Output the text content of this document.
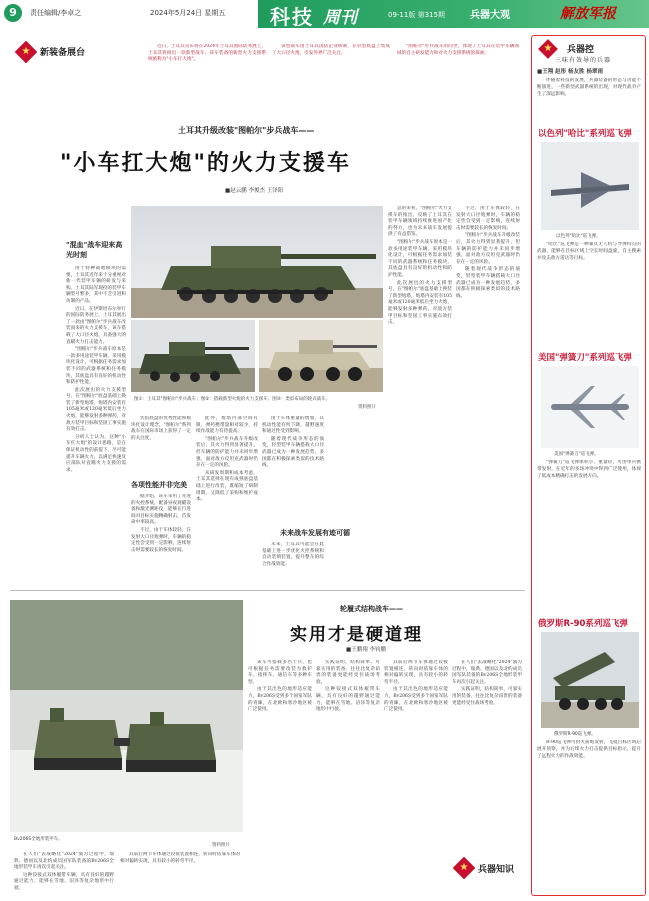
9	责任编辑/李卓之	2024年5月24日 星期五 科技 周刊	09-11版 第315期	兵器大观	解放军报
★	新装备展台

近日，土耳其宣布将在2024年土耳其国际防务展上，土耳其将推出一款新型战车，该车装备的新型火力支援系统被称为"小车扛大炮"。

该型战车由土耳其国防企业研制，在轻型底盘上集成了大口径火炮，引发外界广泛关注。

"图帕尔"步兵战车的问世，体现了土耳其在装甲车辆领域的自主研发能力和对火力支援系统的探索。

土耳其升级改装"图帕尔"步兵战车——
"小车扛大炮"的火力支援车
■赵云鹏 李俊杰 王泽阳
"混血"战车迎来高光时刻

由于特种战地模块的需要，土耳其近年来十分重视对新一代装甲车辆的研发与采购。土耳其陆军现役的装甲车辆型号繁多，其中不乏引进和仿制的产品。

近日，在伊斯坦布尔举行的国际防务展上，土耳其展出了一款由"图帕尔"步兵战车改装而来的火力支援车，该车搭载了大口径火炮，具备强大的直瞄火力打击能力。

"图帕尔"步兵战车原本是一款多用途装甲车辆，采用模块化设计，可根据任务需求加装不同的武器系统和任务模块，其底盘具有良好的机动性和防护性能。

此次展出的火力支援型号，在"图帕尔"底盘基础上换装了新型炮塔，炮塔内安装有105毫米或120毫米低后坐力火炮，能够发射多种弹药，对敌方装甲目标和坚固工事实施有效打击。

分析人士认为，这种"小车扛大炮"的设计思路，是在保证机动性的前提下，尽可能提升车辆火力，以满足快速反应部队对直瞄火力支援的需求。

图①：土耳其"图帕尔"步兵战车；图②：搭载新型火炮的火力支援车；图③：类似布局的轮式战车。
资料照片
各项性能并非完美

凭借底盘的优秀性能和模块化设计理念，"图帕尔"系列战车在国际市场上获得了一定的关注度。

据介绍，该车采用了先进的火控系统，配备昼夜观瞄设备和激光测距仪，能够在行进间对目标实施精确射击，首发命中率较高。

不过，由于车体较轻，在发射大口径炮弹时，车辆的稳定性会受到一定影响，连续射击时需要较长的恢复时间。

此外，炮塔内部空间有限，弹药携带量相对较少，持续作战能力有待提高。

"图帕尔"步兵战车升级改装后，其火力得到显著提升，但车辆的防护能力并未同步增强，面对敌方反坦克武器时仍存在一定的风险。

从研发周期和成本考虑，土耳其选择在现有成熟底盘基础上进行改装，既缩短了研制周期，又降低了采购和维护成本。

由于车体重量的增加，其机动性能有所下降，越野速度和通过性受到影响。

随着现代战争形态的演变，轻型装甲车辆搭载大口径武器已成为一种发展趋势，多国都在积极探索类似的技术路线。

未来战车发展有迹可循

未来，土耳其可能会在此基础上进一步优化火控系统和自动装填装置，提升整车的综合作战效能。

总的来看，"图帕尔"火力支援车的推出，反映了土耳其在装甲车辆领域持续推进国产化的努力，也为未来战车发展提供了有益借鉴。

"图帕尔"步兵战车原本是一款多用途装甲车辆，采用模块化设计，可根据任务需求加装不同的武器系统和任务模块，其底盘具有良好的机动性和防护性能。

此次展出的火力支援型号，在"图帕尔"底盘基础上换装了新型炮塔，炮塔内安装有105毫米或120毫米低后坐力火炮，能够发射多种弹药，对敌方装甲目标和坚固工事实施有效打击。

不过，由于车体较轻，在发射大口径炮弹时，车辆的稳定性会受到一定影响，连续射击时需要较长的恢复时间。

"图帕尔"步兵战车升级改装后，其火力得到显著提升，但车辆的防护能力并未同步增强，面对敌方反坦克武器时仍存在一定的风险。

随着现代战争形态的演变，轻型装甲车辆搭载大口径武器已成为一种发展趋势，多国都在积极探索类似的技术路线。

轮履式结构战车——
实用才是硬道理
■王鹏翔 李钧鹏
Bv206S全地形装甲车。
资料照片

在人们"去战略化"2024"演习过程中，瑞典、德国以及北约成员国军队装备的Bv206S全地形装甲车再次引起关注。

这种铰接式双体履带车辆，具有良好的越野通过能力，能够在雪地、沼泽等复杂地形中行驶。

其前后两节车体通过铰接装置相连，转向时依靠车体的相对偏转实现，具有较小的转弯半径。

该车可搭载多名士兵，也可根据任务需要改装为救护车、指挥车、通信车等多种车型。

由于其出色的地形适应能力，Bv206S受到多个国家军队的青睐，在北欧和寒冷地区被广泛使用。

实践证明，结构简单、可靠实用的装备，往往比复杂昂贵的装备更能经受住战场考验。

这种铰接式双体履带车辆，具有良好的越野通过能力，能够在雪地、沼泽等复杂地形中行驶。

其前后两节车体通过铰接装置相连，转向时依靠车体的相对偏转实现，具有较小的转弯半径。

由于其出色的地形适应能力，Bv206S受到多个国家军队的青睐，在北欧和寒冷地区被广泛使用。

在人们"去战略化"2024"演习过程中，瑞典、德国以及北约成员国军队装备的Bv206S全地形装甲车再次引起关注。

实践证明，结构简单、可靠实用的装备，往往比复杂昂贵的装备更能经受住战场考验。

★	兵器知识
★	兵器控
三味有效导的兵器
■王翔 赵彤 杨友胜 杨翠雨

伴随着科技的发展，兵器装备的形态与功能不断演进，一些新型武器系统的出现，对现代战争产生了深远影响。

以色列"哈比"系列巡飞弹
以色列"哈比"巡飞弹。

"哈比"巡飞弹是一种兼具无人机与导弹特点的武器，能够在目标区域上空长时间盘旋，自主搜索并攻击敌方雷达等目标。

美国"弹簧刀"系列巡飞弹
美国"弹簧刀"巡飞弹。

"弹簧刀"巡飞弹体积小、重量轻，可由单兵携带发射，在近年的多场冲突中得到广泛使用，体现了低成本精确打击的发展方向。

俄罗斯R-90系列巡飞弹
俄罗斯R-90巡飞弹。

R-90巡飞弹可由火箭炮发射，飞抵目标区域后展开侦察，并为后续火力打击提供目标指示，提升了远程火力的作战效能。
